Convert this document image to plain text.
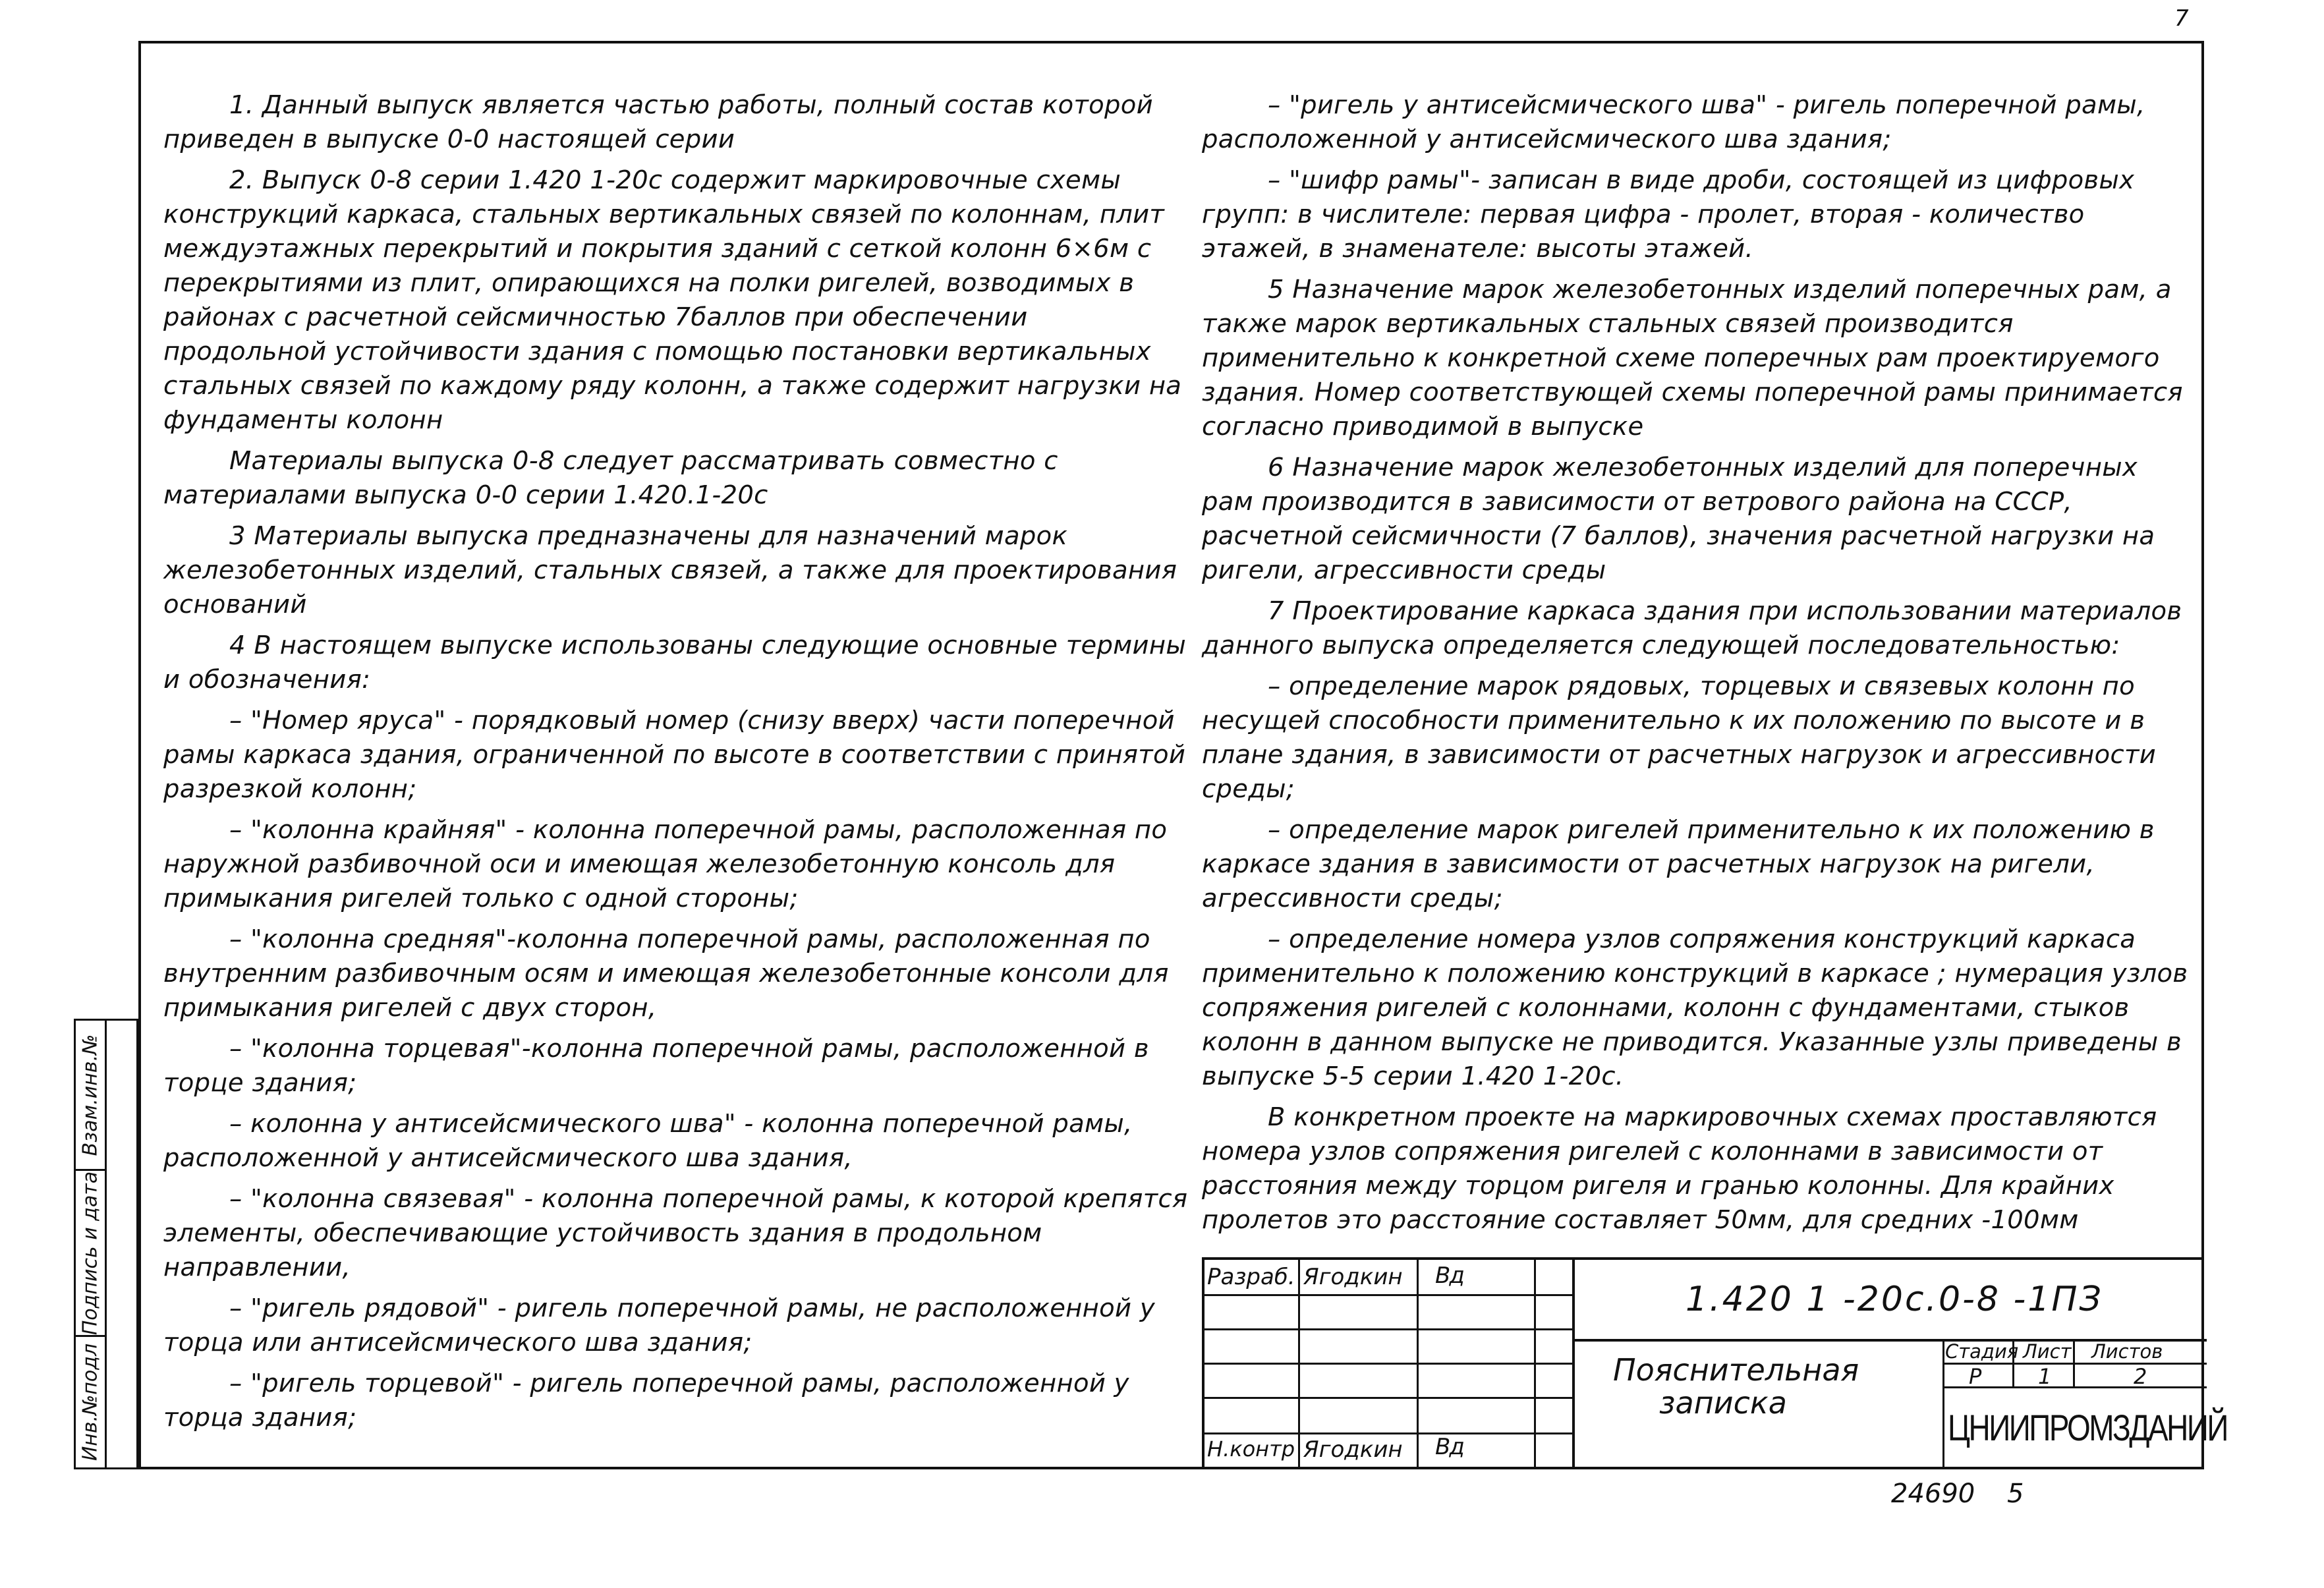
7

1. Данный выпуск является частью работы, полный состав которой приведен в выпуске 0-0 настоящей серии

2. Выпуск 0-8 серии 1.420 1-20с содержит маркировочные схемы конструкций каркаса, стальных вертикальных связей по колоннам, плит междуэтажных перекрытий и покрытия зданий с сеткой колонн 6×6м с перекрытиями из плит, опирающихся на полки ригелей, возводимых в районах с расчетной сейсмичностью 7баллов при обеспечении продольной устойчивости здания с помощью постановки вертикальных стальных связей по каждому ряду колонн, а также содержит нагрузки на фундаменты колонн

Материалы выпуска 0-8 следует рассматривать совместно с материалами выпуска 0-0 серии 1.420.1-20с

3 Материалы выпуска предназначены для назначений марок железобетонных изделий, стальных связей, а также для проектирования оснований

4 В настоящем выпуске использованы следующие основные термины и обозначения:

– "Номер яруса" - порядковый номер (снизу вверх) части поперечной рамы каркаса здания, ограниченной по высоте в соответствии с принятой разрезкой колонн;

– "колонна крайняя" - колонна поперечной рамы, расположенная по наружной разбивочной оси и имеющая железобетонную консоль для примыкания ригелей только с одной стороны;

– "колонна средняя"-колонна поперечной рамы, расположенная по внутренним разбивочным осям и имеющая железобетонные консоли для примыкания ригелей с двух сторон,

– "колонна торцевая"-колонна поперечной рамы, расположенной в торце здания;

– колонна у антисейсмического шва" - колонна поперечной рамы, расположенной у антисейсмического шва здания,

– "колонна связевая" - колонна поперечной рамы, к которой крепятся элементы, обеспечивающие устойчивость здания в продольном направлении,

– "ригель рядовой" - ригель поперечной рамы, не расположенной у торца или антисейсмического шва здания;

– "ригель торцевой" - ригель поперечной рамы, расположенной у торца здания;

– "ригель у антисейсмического шва" - ригель поперечной рамы, расположенной у антисейсмического шва здания;

– "шифр рамы"- записан в виде дроби, состоящей из цифровых групп: в числителе: первая цифра - пролет, вторая - количество этажей, в знаменателе: высоты этажей.

5 Назначение марок железобетонных изделий поперечных рам, а также марок вертикальных стальных связей производится применительно к конкретной схеме поперечных рам проектируемого здания. Номер соответствующей схемы поперечной рамы принимается согласно приводимой в выпуске

6 Назначение марок железобетонных изделий для поперечных рам производится в зависимости от ветрового района на СССР, расчетной сейсмичности (7 баллов), значения расчетной нагрузки на ригели, агрессивности среды

7 Проектирование каркаса здания при использовании материалов данного выпуска определяется следующей последовательностью:

– определение марок рядовых, торцевых и связевых колонн по несущей способности применительно к их положению по высоте и в плане здания, в зависимости от расчетных нагрузок и агрессивности среды;

– определение марок ригелей применительно к их положению в каркасе здания в зависимости от расчетных нагрузок на ригели, агрессивности среды;

– определение номера узлов сопряжения конструкций каркаса применительно к положению конструкций в каркасе ; нумерация узлов сопряжения ригелей с колоннами, колонн с фундаментами, стыков колонн в данном выпуске не приводится. Указанные узлы приведены в выпуске 5-5 серии 1.420 1-20с.

В конкретном проекте на маркировочных схемах проставляются номера узлов сопряжения ригелей с колоннами в зависимости от расстояния между торцом ригеля и гранью колонны. Для крайних пролетов это расстояние составляет 50мм, для средних -100мм

Взам.инв.№
Подпись и дата
Инв.№подл
Разраб. Ягодкин Вд
Н.контр Ягодкин Вд
1.420 1 -20с.0-8 -1ПЗ
Пояснительная
записка
Стадия Лист Листов
Р	1	2
ЦНИИПРОМЗДАНИЙ
24690 5
